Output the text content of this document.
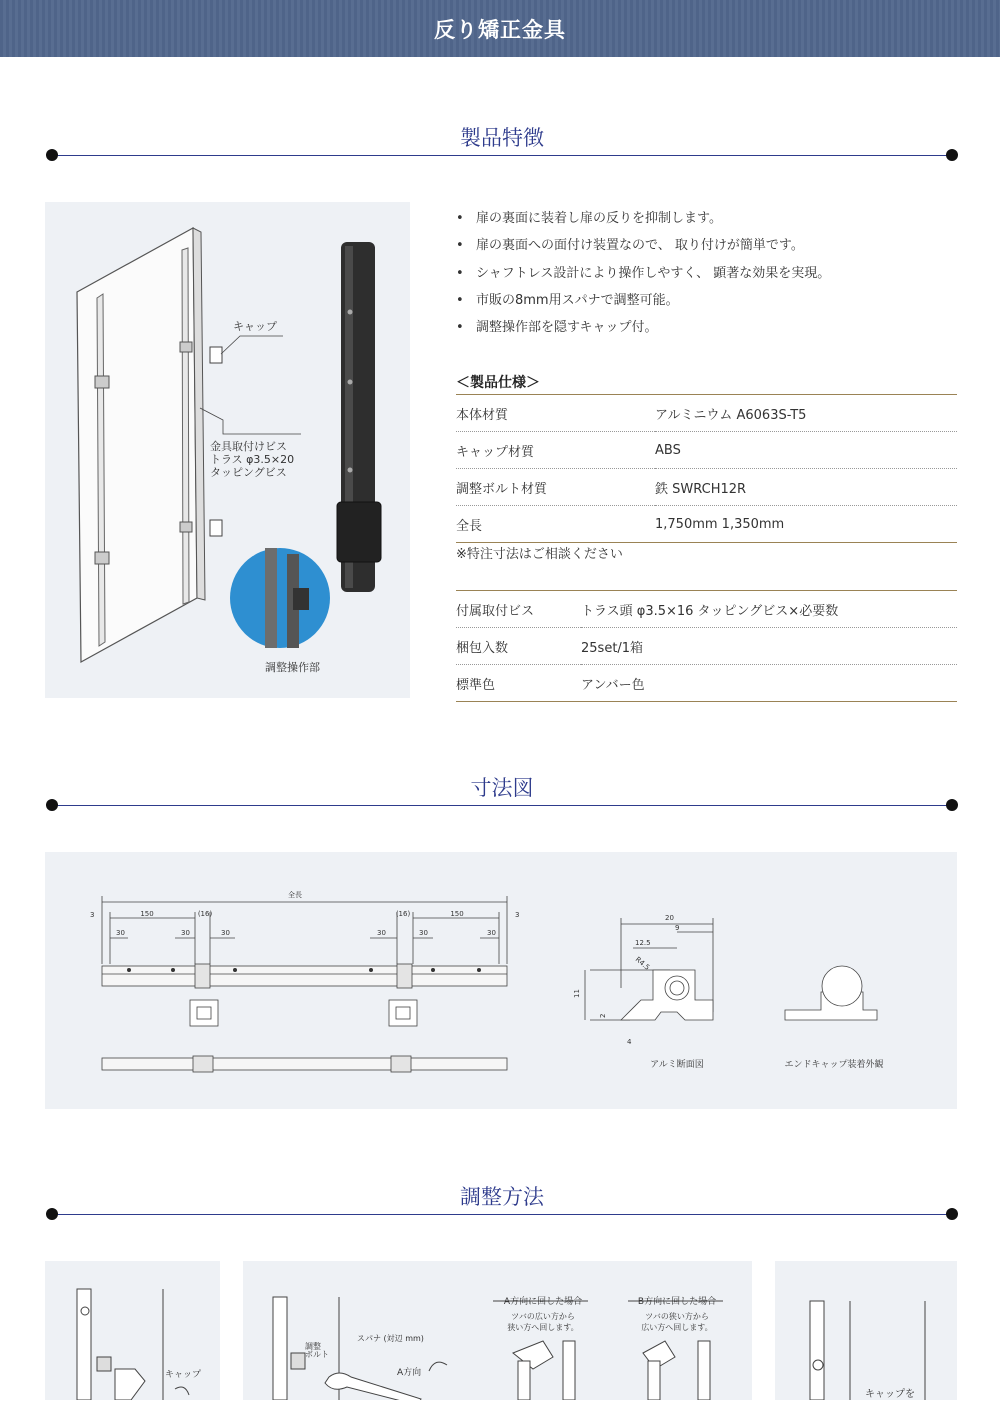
反り矯正金具
製品特徴
キャップ
金具取付けビス
トラス φ3.5×20
タッピングビス
調整操作部
• 扉の裏面に装着し扉の反りを抑制します。
• 扉の裏面への面付け装置なので、 取り付けが簡単です。
• シャフトレス設計により操作しやすく、 顕著な効果を実現。
• 市販の8mm用スパナで調整可能。
• 調整操作部を隠すキャップ付。
＜製品仕様＞
本体材質	アルミニウム A6063S-T5
キャップ材質	ABS
調整ボルト材質	鉄 SWRCH12R
全長	1,750mm 1,350mm
※特注寸法はご相談ください
付属取付ビス	トラス頭 φ3.5×16 タッピングビス×必要数
梱包入数	25set/1箱
標準色	アンバー色
寸法図
全長
3	3
150	150
(16)	(16)
30	30	30	30	30	30
20
9
12.5
R4.5
11
2
4
アルミ断面図	エンドキャップ装着外観
調整方法
キャップ
調整
ボルト
スパナ (対辺 mm)
A方向
A方向に回した場合
ツバの広い方から
狭い方へ回します。
B方向に回した場合
ツバの狭い方から
広い方へ回します。
キャップを
